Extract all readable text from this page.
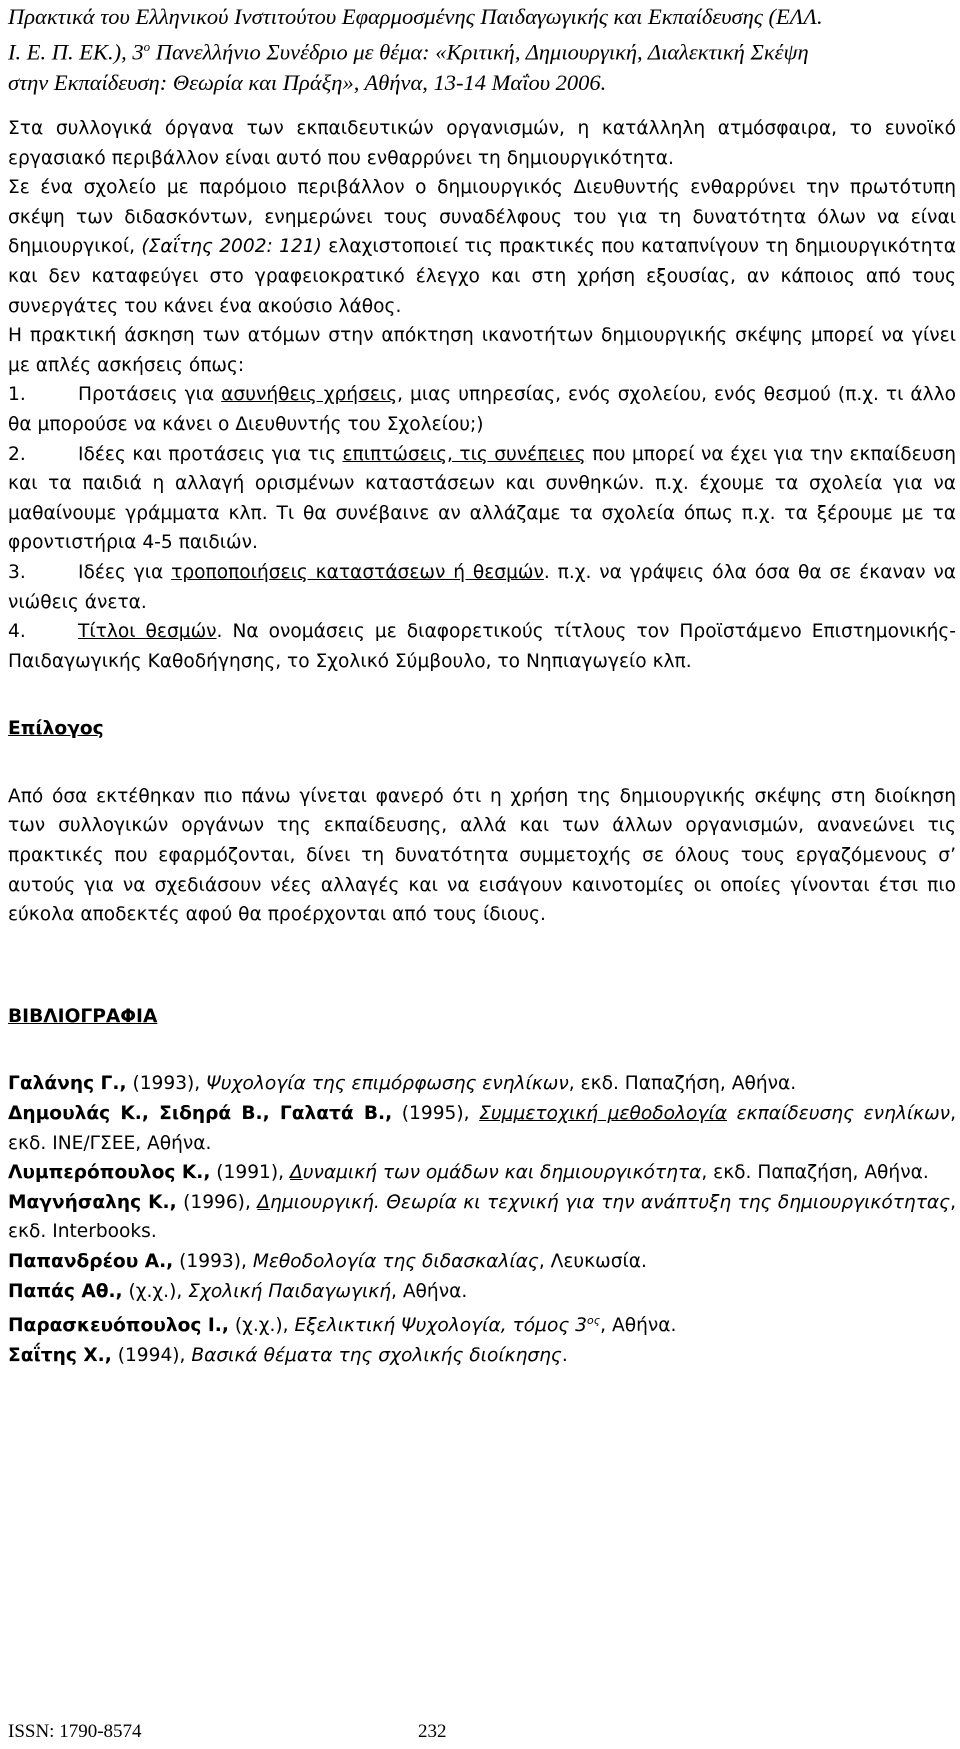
Πρακτικά του Ελληνικού Ινστιτούτου Εφαρμοσμένης Παιδαγωγικής και Εκπαίδευσης (ΕΛΛ.
Ι. Ε. Π. ΕΚ.), $3^o$ Πανελλήνιο Συνέδριο με θέμα: «Κριτική, Δημιουργική, Διαλεκτική Σκέψη
στην Εκπαίδευση: Θεωρία και Πράξη», Αθήνα, 13-14 Μαΐου 2006.

Στα συλλογικά όργανα των εκπαιδευτικών οργανισμών, η κατάλληλη ατμόσφαιρα, το ευνοϊκό εργασιακό περιβάλλον είναι αυτό που ενθαρρύνει τη δημιουργικότητα.

Σε ένα σχολείο με παρόμοιο περιβάλλον ο δημιουργικός Διευθυντής ενθαρρύνει την πρωτότυπη σκέψη των διδασκόντων, ενημερώνει τους συναδέλφους του για τη δυνατότητα όλων να είναι δημιουργικοί, (Σαΐτης 2002: 121) ελαχιστοποιεί τις πρακτικές που καταπνίγουν τη δημιουργικότητα και δεν καταφεύγει στο γραφειοκρατικό έλεγχο και στη χρήση εξουσίας, αν κάποιος από τους συνεργάτες του κάνει ένα ακούσιο λάθος.

Η πρακτική άσκηση των ατόμων στην απόκτηση ικανοτήτων δημιουργικής σκέψης μπορεί να γίνει με απλές ασκήσεις όπως:

1.	Προτάσεις για ασυνήθεις χρήσεις, μιας υπηρεσίας, ενός σχολείου, ενός θεσμού (π.χ. τι άλλο θα μπορούσε να κάνει ο Διευθυντής του Σχολείου;)

2.	Ιδέες και προτάσεις για τις επιπτώσεις, τις συνέπειες που μπορεί να έχει για την εκπαίδευση και τα παιδιά η αλλαγή ορισμένων καταστάσεων και συνθηκών. π.χ. έχουμε τα σχολεία για να μαθαίνουμε γράμματα κλπ. Τι θα συνέβαινε αν αλλάζαμε τα σχολεία όπως π.χ. τα ξέρουμε με τα φροντιστήρια 4-5 παιδιών.

3.	Ιδέες για τροποποιήσεις καταστάσεων ή θεσμών. π.χ. να γράψεις όλα όσα θα σε έκαναν να νιώθεις άνετα.

4.	Τίτλοι θεσμών. Να ονομάσεις με διαφορετικούς τίτλους τον Προϊστάμενο Επιστημονικής-Παιδαγωγικής Καθοδήγησης, το Σχολικό Σύμβουλο, το Νηπιαγωγείο κλπ.

Επίλογος

Από όσα εκτέθηκαν πιο πάνω γίνεται φανερό ότι η χρήση της δημιουργικής σκέψης στη διοίκηση των συλλογικών οργάνων της εκπαίδευσης, αλλά και των άλλων οργανισμών, ανανεώνει τις πρακτικές που εφαρμόζονται, δίνει τη δυνατότητα συμμετοχής σε όλους τους εργαζόμενους σ’ αυτούς για να σχεδιάσουν νέες αλλαγές και να εισάγουν καινοτομίες οι οποίες γίνονται έτσι πιο εύκολα αποδεκτές αφού θα προέρχονται από τους ίδιους.

ΒΙΒΛΙΟΓΡΑΦΙΑ

Γαλάνης Γ., (1993), Ψυχολογία της επιμόρφωσης ενηλίκων, εκδ. Παπαζήση, Αθήνα.

Δημουλάς Κ., Σιδηρά Β., Γαλατά Β., (1995), Συμμετοχική μεθοδολογία εκπαίδευσης ενηλίκων, εκδ. ΙΝΕ/ΓΣΕΕ, Αθήνα.

Λυμπερόπουλος Κ., (1991), Δυναμική των ομάδων και δημιουργικότητα, εκδ. Παπαζήση, Αθήνα.

Μαγνήσαλης Κ., (1996), Δημιουργική. Θεωρία κι τεχνική για την ανάπτυξη της δημιουργικότητας, εκδ. Interbooks.

Παπανδρέου Α., (1993), Μεθοδολογία της διδασκαλίας, Λευκωσία.

Παπάς Αθ., (χ.χ.), Σχολική Παιδαγωγική, Αθήνα.

Παρασκευόπουλος Ι., (χ.χ.), Εξελικτική Ψυχολογία, τόμος $3^{o\varsigma}$, Αθήνα.

Σαΐτης Χ., (1994), Βασικά θέματα της σχολικής διοίκησης.

ISSN: 1790-8574	232
